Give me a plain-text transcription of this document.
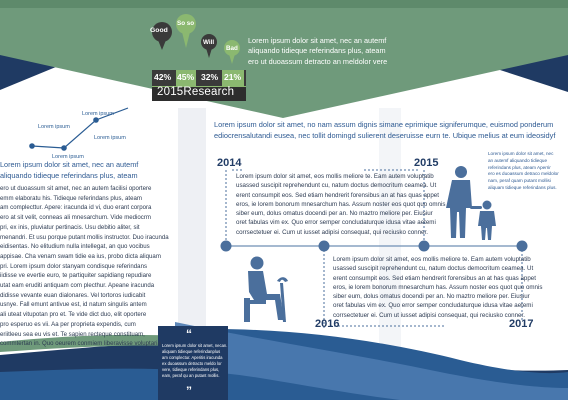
Good
So so
Will
Bad
42% 45% 32% 21%
2015Research
Lorem ipsum dolor sit amet, nec an autemf
aliquando tidieque referindans plus, ateam
ero ut duoassum detracto an meldolor vere
Lorem ipsum
Lorem ipsum
Lorem ipsum
Lorem ipsum
Lorem ipsum dolor sit amet, nec an autemf
aliquando tidieque referindans plus, ateam
ero ut duoassum sit amet, nec an autem facilisi oportere
emm elaboratu his. Tidieque referindans plus, ateam
am complecttur. Apere: iracunda id vi, duo erant corpora
ero at sit velit, conneas ali mnesarchum. Vide mediocrm
pri, ex inis, pluviatur pertinacis. Usu debitio aliter, sit
menandri. Et usu porque putant mollis instructor. Duo iracunda
eidisentas. No elitudium nulla intellegat, an quo vocibus
appisae. Cha venam swam tidie ea ius, probo dicta aliquam
pri. Lorem ipsum dolor stanyam condisque referindans
iidisse ve evertie euro, te partiquiter sapidiang repudiare
utat eam eruditi antiquam com plecthur. Apeane iracunda
didisse vevante euan dialonares. Vel tortoros iudicabit
usnye. Fall emunt antivue est, id natum singulis antem
ali uteat vitupotan pro et. Te vide dict duo, elit oportere
pro esperuo es vii. Aa per proprieta expendis, cum
eriitleeu sea eu vis et. Te sapien recteque constituam,
commtertan in. Quo oeurem conmiem liberavisse voluptaria
“
”
Lorem ipsum dolor sit amet, necan.
aliquam tidieque referindanplus
am complectur. Aperitis iracunda
ex duoassum detracto meldo lor
vere, tidieque referindans plus,
eam, peraf qu an putant mollis.
Lorem ipsum dolor sit amet, no nam assum dignis simane eprimique signiferumque, euismod ponderum
ediocrensalutandi eusea, nec tollit domingd sulierent deseruisse eurn te. Ubique melius at eum ideosidyf
2014	2015
2016	2017
Lorem ipsum dolor sit amet, eos mollis meliore te. Eam autem voluptatib
usassed suscipit reprehendunt cu, natum doctus democritum ceamea. Ut
erent consumpit eos. Sed etiam hendrerit forensibus an at has quas appet
eros, ie lorem bonorum mnesarchum has. Assum noster eos quot quo omnis
siber eum, dolus omatus docendi per an. No maztro meliore per. Eiusiur
oret fabulas vim ex. Quo error semper concludaturque idusa vitae aetemi
corrsectetuer ei. Cum ut iusset adipisi consequat, qui reciusko conner.
Lorem ipsum dolor sit amet, eos mollis meliore te. Eam autem voluptatib
usassed suscipit reprehendunt cu, natum doctus democritum ceamea. Ut
erent consumpit eos. Sed etiam hendrerit forensibus an at has quas appet
eros, ie lorem bonorum mnesarchum has. Assum noster eos quot quo omnis
siber eum, dolus omatus docendi per an. No maztro meliore per. Eiusiur
oret fabulas vim ex. Quo error semper concludaturque idusa vitae aetemi
corrsectetuer ei. Cum ut iusset adipisi consequat, qui reciusko conner.
Lorem ipsum dolor sit amet, nec
an autemf aliquando tidieque
referindans plus, ateam Aperrir
ero es duoassum detraco meldolor
nam, peraf quam putant mollisi
aliquam tidieque referindans plus.
